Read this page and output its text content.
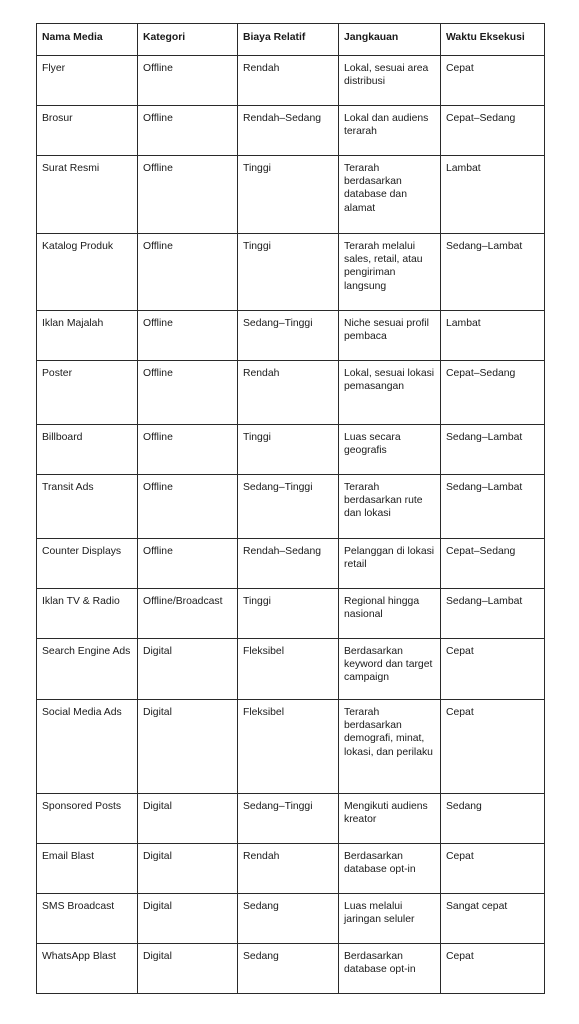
Nama Media	Kategori	Biaya Relatif	Jangkauan	Waktu Eksekusi
Flyer	Offline	Rendah	Lokal, sesuai area distribusi	Cepat
Brosur	Offline	Rendah–Sedang	Lokal dan audiens terarah	Cepat–Sedang
Surat Resmi	Offline	Tinggi	Terarah berdasarkan database dan alamat	Lambat
Katalog Produk	Offline	Tinggi	Terarah melalui sales, retail, atau pengiriman langsung	Sedang–Lambat
Iklan Majalah	Offline	Sedang–Tinggi	Niche sesuai profil pembaca	Lambat
Poster	Offline	Rendah	Lokal, sesuai lokasi pemasangan	Cepat–Sedang
Billboard	Offline	Tinggi	Luas secara geografis	Sedang–Lambat
Transit Ads	Offline	Sedang–Tinggi	Terarah berdasarkan rute dan lokasi	Sedang–Lambat
Counter Displays	Offline	Rendah–Sedang	Pelanggan di lokasi retail	Cepat–Sedang
Iklan TV & Radio	Offline/Broadcast	Tinggi	Regional hingga nasional	Sedang–Lambat
Search Engine Ads	Digital	Fleksibel	Berdasarkan keyword dan target campaign	Cepat
Social Media Ads	Digital	Fleksibel	Terarah berdasarkan demografi, minat, lokasi, dan perilaku	Cepat
Sponsored Posts	Digital	Sedang–Tinggi	Mengikuti audiens kreator	Sedang
Email Blast	Digital	Rendah	Berdasarkan database opt-in	Cepat
SMS Broadcast	Digital	Sedang	Luas melalui jaringan seluler	Sangat cepat
WhatsApp Blast	Digital	Sedang	Berdasarkan database opt-in	Cepat
